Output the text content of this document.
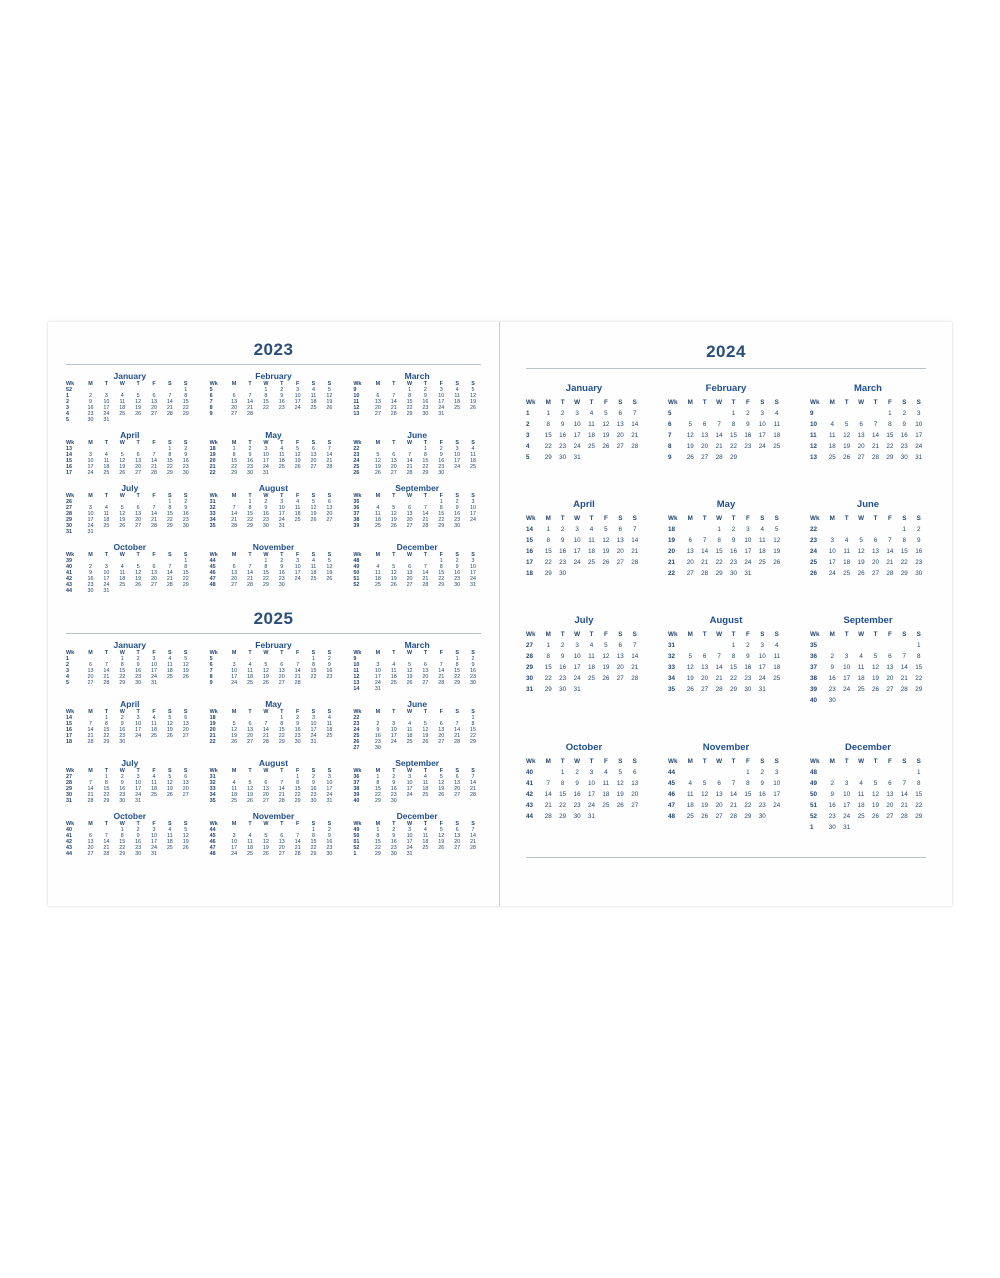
2023
January
Wk	M	T	W	T	F	S	S
52							1
1	2	3	4	5	6	7	8
2	9	10	11	12	13	14	15
3	16	17	18	19	20	21	22
4	23	24	25	26	27	28	29
5	30	31					
February
Wk	M	T	W	T	F	S	S
5			1	2	3	4	5
6	6	7	8	9	10	11	12
7	13	14	15	16	17	18	19
8	20	21	22	23	24	25	26
9	27	28					
March
Wk	M	T	W	T	F	S	S
9			1	2	3	4	5
10	6	7	8	9	10	11	12
11	13	14	15	16	17	18	19
12	20	21	22	23	24	25	26
13	27	28	29	30	31		
April
Wk	M	T	W	T	F	S	S
13						1	2
14	3	4	5	6	7	8	9
15	10	11	12	13	14	15	16
16	17	18	19	20	21	22	23
17	24	25	26	27	28	29	30
May
Wk	M	T	W	T	F	S	S
18	1	2	3	4	5	6	7
19	8	9	10	11	12	13	14
20	15	16	17	18	19	20	21
21	22	23	24	25	26	27	28
22	29	30	31				
June
Wk	M	T	W	T	F	S	S
22				1	2	3	4
23	5	6	7	8	9	10	11
24	12	13	14	15	16	17	18
25	19	20	21	22	23	24	25
26	26	27	28	29	30		
July
Wk	M	T	W	T	F	S	S
26						1	2
27	3	4	5	6	7	8	9
28	10	11	12	13	14	15	16
29	17	18	19	20	21	22	23
30	24	25	26	27	28	29	30
31	31						
August
Wk	M	T	W	T	F	S	S
31		1	2	3	4	5	6
32	7	8	9	10	11	12	13
33	14	15	16	17	18	19	20
34	21	22	23	24	25	26	27
35	28	29	30	31			
September
Wk	M	T	W	T	F	S	S
35					1	2	3
36	4	5	6	7	8	9	10
37	11	12	13	14	15	16	17
38	18	19	20	21	22	23	24
39	25	26	27	28	29	30	
October
Wk	M	T	W	T	F	S	S
39							1
40	2	3	4	5	6	7	8
41	9	10	11	12	13	14	15
42	16	17	18	19	20	21	22
43	23	24	25	26	27	28	29
44	30	31					
November
Wk	M	T	W	T	F	S	S
44			1	2	3	4	5
45	6	7	8	9	10	11	12
46	13	14	15	16	17	18	19
47	20	21	22	23	24	25	26
48	27	28	29	30			
December
Wk	M	T	W	T	F	S	S
48					1	2	3
49	4	5	6	7	8	9	10
50	11	12	13	14	15	16	17
51	18	19	20	21	22	23	24
52	25	26	27	28	29	30	31
2025
January
Wk	M	T	W	T	F	S	S
1			1	2	3	4	5
2	6	7	8	9	10	11	12
3	13	14	15	16	17	18	19
4	20	21	22	23	24	25	26
5	27	28	29	30	31		
February
Wk	M	T	W	T	F	S	S
5						1	2
6	3	4	5	6	7	8	9
7	10	11	12	13	14	15	16
8	17	18	19	20	21	22	23
9	24	25	26	27	28		
March
Wk	M	T	W	T	F	S	S
9						1	2
10	3	4	5	6	7	8	9
11	10	11	12	13	14	15	16
12	17	18	19	20	21	22	23
13	24	25	26	27	28	29	30
14	31						
April
Wk	M	T	W	T	F	S	S
14		1	2	3	4	5	6
15	7	8	9	10	11	12	13
16	14	15	16	17	18	19	20
17	21	22	23	24	25	26	27
18	28	29	30				
May
Wk	M	T	W	T	F	S	S
18				1	2	3	4
19	5	6	7	8	9	10	11
20	12	13	14	15	16	17	18
21	19	20	21	22	23	24	25
22	26	27	28	29	30	31	
June
Wk	M	T	W	T	F	S	S
22							1
23	2	3	4	5	6	7	8
24	9	10	11	12	13	14	15
25	16	17	18	19	20	21	22
26	23	24	25	26	27	28	29
27	30						
July
Wk	M	T	W	T	F	S	S
27		1	2	3	4	5	6
28	7	8	9	10	11	12	13
29	14	15	16	17	18	19	20
30	21	22	23	24	25	26	27
31	28	29	30	31			
August
Wk	M	T	W	T	F	S	S
31					1	2	3
32	4	5	6	7	8	9	10
33	11	12	13	14	15	16	17
34	18	19	20	21	22	23	24
35	25	26	27	28	29	30	31
September
Wk	M	T	W	T	F	S	S
36	1	2	3	4	5	6	7
37	8	9	10	11	12	13	14
38	15	16	17	18	19	20	21
39	22	23	24	25	26	27	28
40	29	30					
October
Wk	M	T	W	T	F	S	S
40			1	2	3	4	5
41	6	7	8	9	10	11	12
42	13	14	15	16	17	18	19
43	20	21	22	23	24	25	26
44	27	28	29	30	31		
November
Wk	M	T	W	T	F	S	S
44						1	2
45	3	4	5	6	7	8	9
46	10	11	12	13	14	15	16
47	17	18	19	20	21	22	23
48	24	25	26	27	28	29	30
December
Wk	M	T	W	T	F	S	S
49	1	2	3	4	5	6	7
50	8	9	10	11	12	13	14
51	15	16	17	18	19	20	21
52	22	23	24	25	26	27	28
1	29	30	31				
2024
January
Wk	M	T	W	T	F	S	S
1	1	2	3	4	5	6	7
2	8	9	10	11	12	13	14
3	15	16	17	18	19	20	21
4	22	23	24	25	26	27	28
5	29	30	31				
February
Wk	M	T	W	T	F	S	S
5				1	2	3	4
6	5	6	7	8	9	10	11
7	12	13	14	15	16	17	18
8	19	20	21	22	23	24	25
9	26	27	28	29			
March
Wk	M	T	W	T	F	S	S
9					1	2	3
10	4	5	6	7	8	9	10
11	11	12	13	14	15	16	17
12	18	19	20	21	22	23	24
13	25	26	27	28	29	30	31
April
Wk	M	T	W	T	F	S	S
14	1	2	3	4	5	6	7
15	8	9	10	11	12	13	14
16	15	16	17	18	19	20	21
17	22	23	24	25	26	27	28
18	29	30					
May
Wk	M	T	W	T	F	S	S
18			1	2	3	4	5
19	6	7	8	9	10	11	12
20	13	14	15	16	17	18	19
21	20	21	22	23	24	25	26
22	27	28	29	30	31		
June
Wk	M	T	W	T	F	S	S
22						1	2
23	3	4	5	6	7	8	9
24	10	11	12	13	14	15	16
25	17	18	19	20	21	22	23
26	24	25	26	27	28	29	30
July
Wk	M	T	W	T	F	S	S
27	1	2	3	4	5	6	7
28	8	9	10	11	12	13	14
29	15	16	17	18	19	20	21
30	22	23	24	25	26	27	28
31	29	30	31				
August
Wk	M	T	W	T	F	S	S
31				1	2	3	4
32	5	6	7	8	9	10	11
33	12	13	14	15	16	17	18
34	19	20	21	22	23	24	25
35	26	27	28	29	30	31	
September
Wk	M	T	W	T	F	S	S
35							1
36	2	3	4	5	6	7	8
37	9	10	11	12	13	14	15
38	16	17	18	19	20	21	22
39	23	24	25	26	27	28	29
40	30						
October
Wk	M	T	W	T	F	S	S
40		1	2	3	4	5	6
41	7	8	9	10	11	12	13
42	14	15	16	17	18	19	20
43	21	22	23	24	25	26	27
44	28	29	30	31			
November
Wk	M	T	W	T	F	S	S
44					1	2	3
45	4	5	6	7	8	9	10
46	11	12	13	14	15	16	17
47	18	19	20	21	22	23	24
48	25	26	27	28	29	30	
December
Wk	M	T	W	T	F	S	S
48							1
49	2	3	4	5	6	7	8
50	9	10	11	12	13	14	15
51	16	17	18	19	20	21	22
52	23	24	25	26	27	28	29
1	30	31					
